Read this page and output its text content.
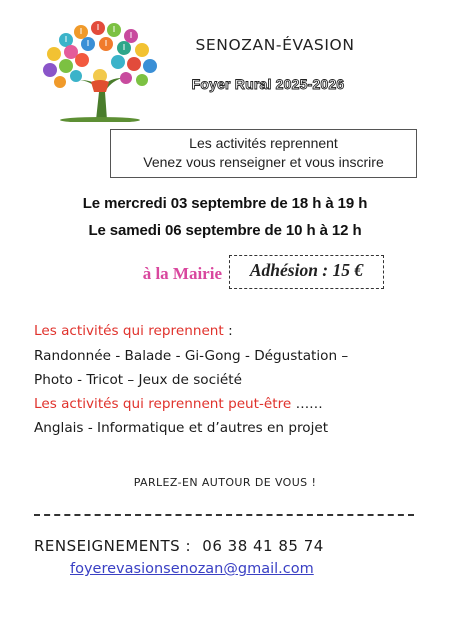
SENOZAN-ÉVASION
Foyer Rural 2025-2026
Les activités reprennent
Venez vous renseigner et vous inscrire
Le mercredi 03 septembre de 18 h à 19 h
Le samedi 06 septembre de 10 h à 12 h
à la Mairie	Adhésion : 15 €
Les activités qui reprennent :
Randonnée - Balade - Gi-Gong - Dégustation –
Photo - Tricot – Jeux de société
Les activités qui reprennent peut-être ……
Anglais - Informatique et d’autres en projet
PARLEZ-EN AUTOUR DE VOUS !
RENSEIGNEMENTS : 06 38 41 85 74
foyerevasionsenozan@gmail.com
